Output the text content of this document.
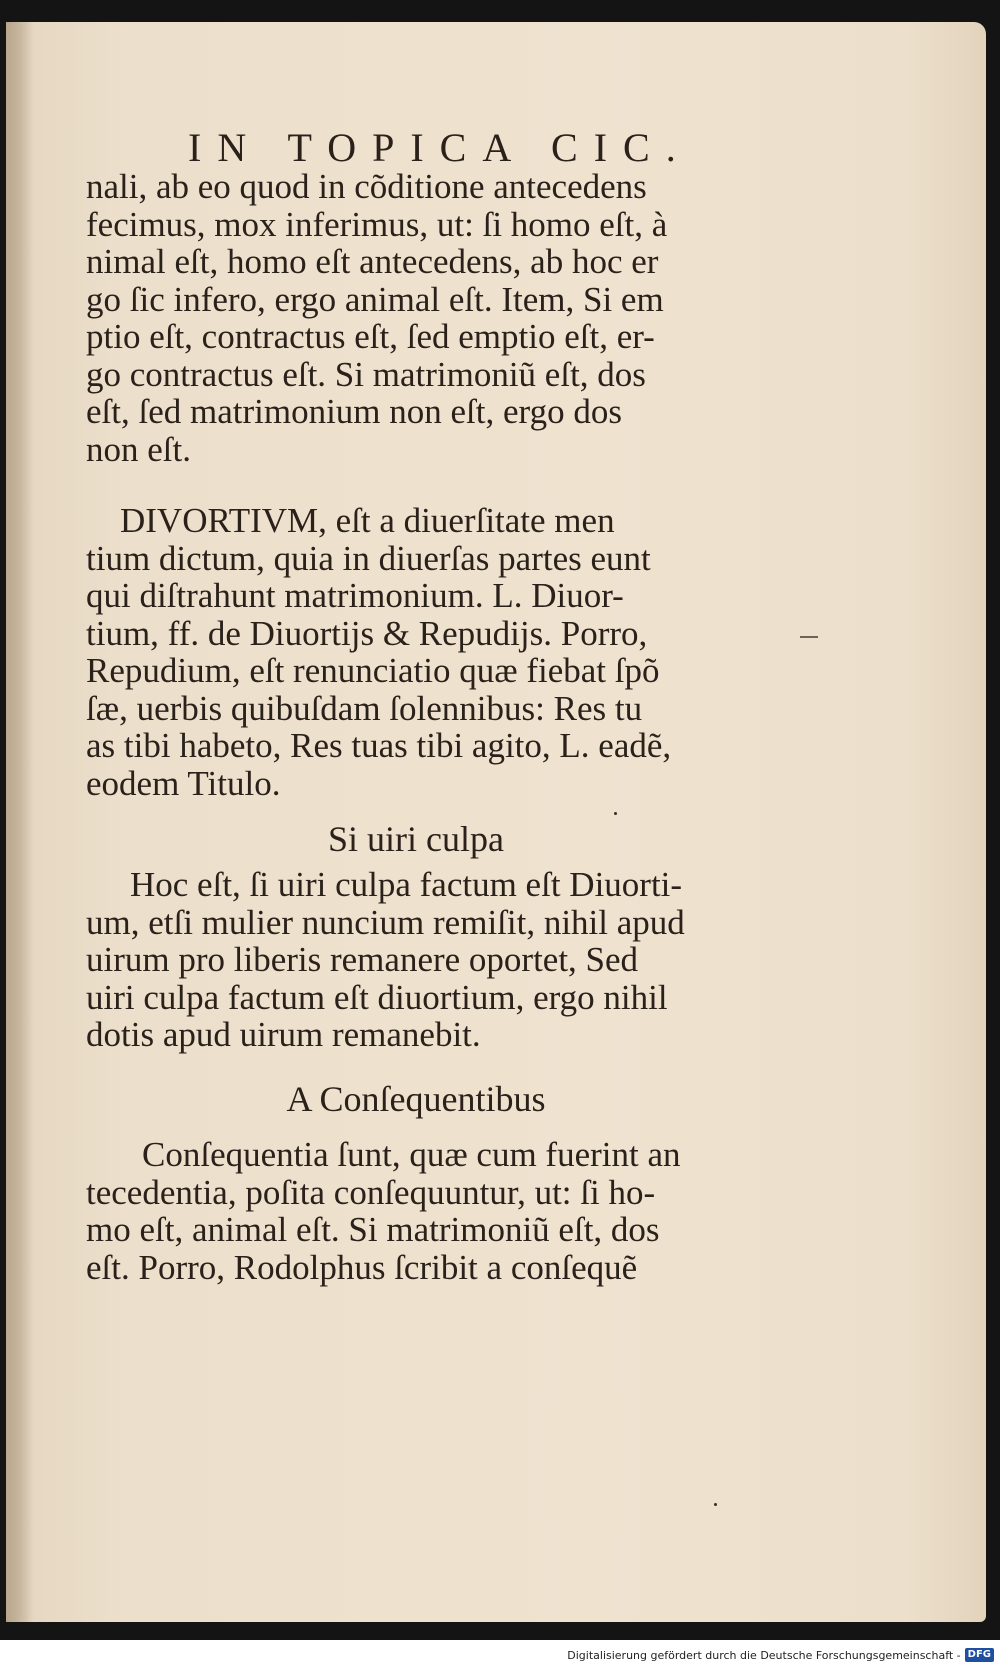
IN TOPICA CIC.
nali, ab eo quod in cõditione antecedens
fecimus, mox inferimus, ut: ſi homo eſt, à
nimal eſt, homo eſt antecedens, ab hoc er
go ſic infero, ergo animal eſt. Item, Si em
ptio eſt, contractus eſt, ſed emptio eſt, er-
go contractus eſt. Si matrimoniũ eſt, dos
eſt, ſed matrimonium non eſt, ergo dos
non eſt.
DIVORTIVM, eſt a diuerſitate men
tium dictum, quia in diuerſas partes eunt
qui diſtrahunt matrimonium. L. Diuor-
tium, ff. de Diuortijs & Repudijs. Porro,
Repudium, eſt renunciatio quæ fiebat ſpõ
ſæ, uerbis quibuſdam ſolennibus: Res tu
as tibi habeto, Res tuas tibi agito, L. eadẽ,
eodem Titulo.
Si uiri culpa
Hoc eſt, ſi uiri culpa factum eſt Diuorti-
um, etſi mulier nuncium remiſit, nihil apud
uirum pro liberis remanere oportet, Sed
uiri culpa factum eſt diuortium, ergo nihil
dotis apud uirum remanebit.
A Conſequentibus
Conſequentia ſunt, quæ cum fuerint an
tecedentia, poſita conſequuntur, ut: ſi ho-
mo eſt, animal eſt. Si matrimoniũ eſt, dos
eſt. Porro, Rodolphus ſcribit a conſequẽ
Digitalisierung gefördert durch die Deutsche Forschungsgemeinschaft - DFG
